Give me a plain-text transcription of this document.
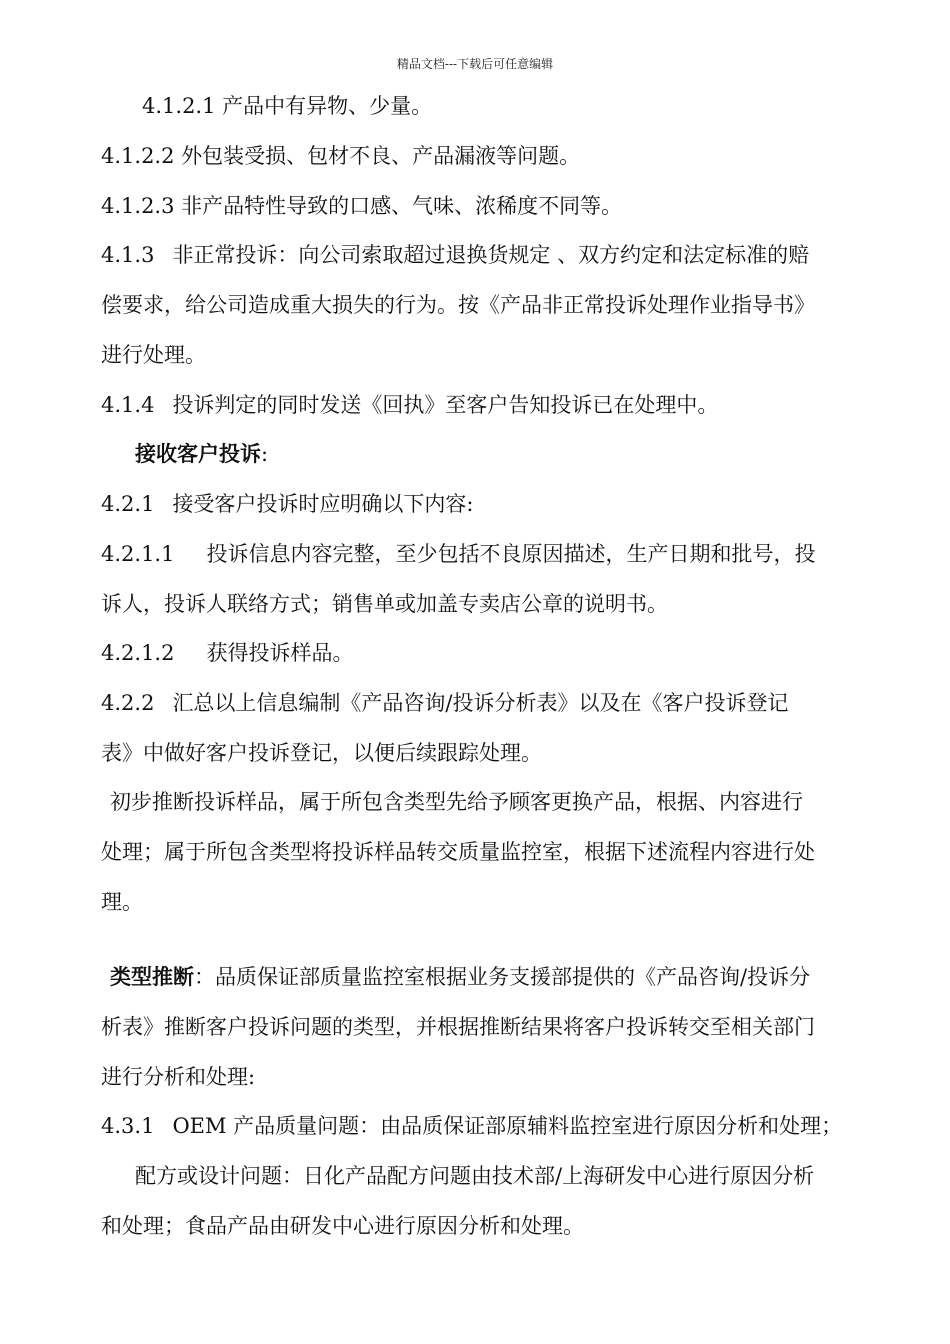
精品文档---下载后可任意编辑
4.1.2.1 产品中有异物、少量。
4.1.2.2 外包装受损、包材不良、产品漏液等问题。
4.1.2.3 非产品特性导致的口感、气味、浓稀度不同等。
4.1.3 非正常投诉：向公司索取超过退换货规定 、双方约定和法定标准的赔
偿要求，给公司造成重大损失的行为。按《产品非正常投诉处理作业指导书》
进行处理。
4.1.4 投诉判定的同时发送《回执》至客户告知投诉已在处理中。
接收客户投诉:
4.2.1 接受客户投诉时应明确以下内容:
4.2.1.1 投诉信息内容完整，至少包括不良原因描述，生产日期和批号，投
诉人，投诉人联络方式；销售单或加盖专卖店公章的说明书。
4.2.1.2 获得投诉样品。
4.2.2 汇总以上信息编制《产品咨询/投诉分析表》以及在《客户投诉登记
表》中做好客户投诉登记，以便后续跟踪处理。
初步推断投诉样品，属于所包含类型先给予顾客更换产品，根据、内容进行
处理；属于所包含类型将投诉样品转交质量监控室，根据下述流程内容进行处
理。
类型推断：品质保证部质量监控室根据业务支援部提供的《产品咨询/投诉分
析表》推断客户投诉问题的类型，并根据推断结果将客户投诉转交至相关部门
进行分析和处理:
4.3.1 OEM 产品质量问题：由品质保证部原辅料监控室进行原因分析和处理；
配方或设计问题：日化产品配方问题由技术部/上海研发中心进行原因分析
和处理；食品产品由研发中心进行原因分析和处理。
